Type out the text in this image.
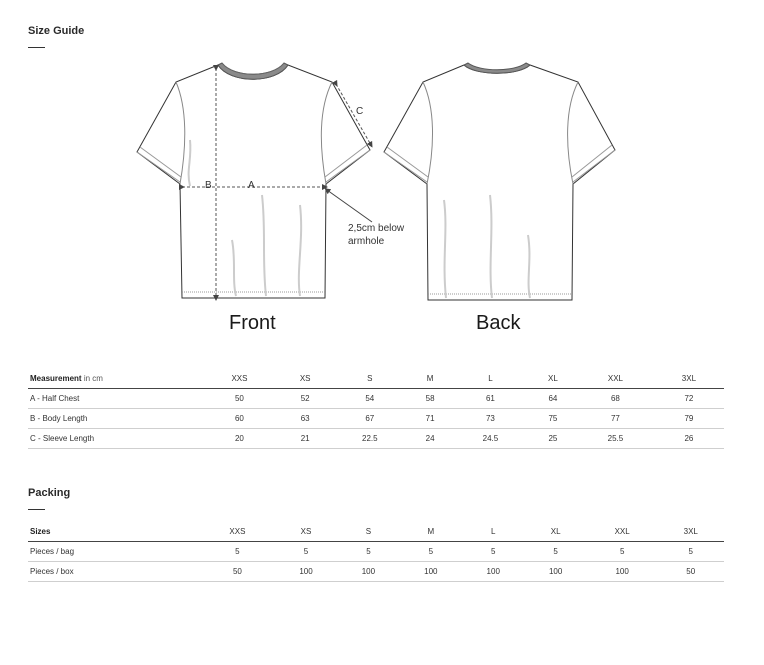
Size Guide
B	A
C
2,5cm below
armhole
Front	Back
Measurement in cm	XXS	XS	S	M	L	XL	XXL	3XL
A - Half Chest	50	52	54	58	61	64	68	72
B - Body Length	60	63	67	71	73	75	77	79
C - Sleeve Length	20	21	22.5	24	24.5	25	25.5	26
Packing
Sizes	XXS	XS	S	M	L	XL	XXL	3XL
Pieces / bag	5	5	5	5	5	5	5	5
Pieces / box	50	100	100	100	100	100	100	50
